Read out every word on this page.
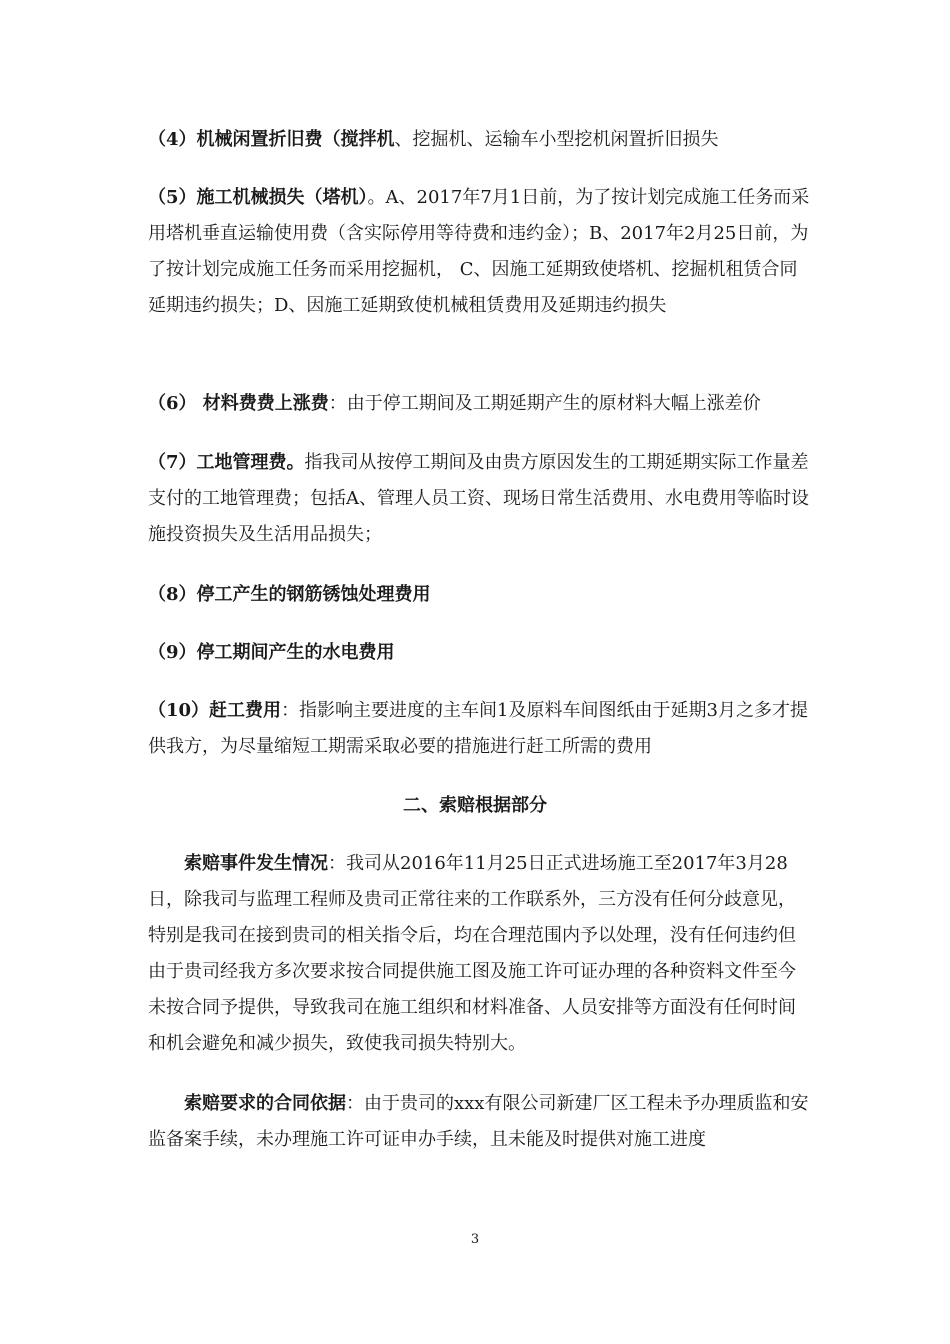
（4）机械闲置折旧费（搅拌机、挖掘机、运输车小型挖机闲置折旧损失

（5）施工机械损失（塔机）。A、2017年7月1日前，为了按计划完成施工任务而采用塔机垂直运输使用费（含实际停用等待费和违约金）；B、2017年2月25日前，为了按计划完成施工任务而采用挖掘机， C、因施工延期致使塔机、挖掘机租赁合同延期违约损失；D、因施工延期致使机械租赁费用及延期违约损失

（6） 材料费费上涨费：由于停工期间及工期延期产生的原材料大幅上涨差价

（7）工地管理费。指我司从按停工期间及由贵方原因发生的工期延期实际工作量差支付的工地管理费；包括A、管理人员工资、现场日常生活费用、水电费用等临时设施投资损失及生活用品损失；

（8）停工产生的钢筋锈蚀处理费用

（9）停工期间产生的水电费用

（10）赶工费用：指影响主要进度的主车间1及原料车间图纸由于延期3月之多才提供我方，为尽量缩短工期需采取必要的措施进行赶工所需的费用

二、索赔根据部分

索赔事件发生情况：我司从2016年11月25日正式进场施工至2017年3月28日，除我司与监理工程师及贵司正常往来的工作联系外，三方没有任何分歧意见，特别是我司在接到贵司的相关指令后，均在合理范围内予以处理，没有任何违约但由于贵司经我方多次要求按合同提供施工图及施工许可证办理的各种资料文件至今未按合同予提供，导致我司在施工组织和材料准备、人员安排等方面没有任何时间和机会避免和减少损失，致使我司损失特别大。

索赔要求的合同依据：由于贵司的xxx有限公司新建厂区工程未予办理质监和安监备案手续，未办理施工许可证申办手续，且未能及时提供对施工进度

3
